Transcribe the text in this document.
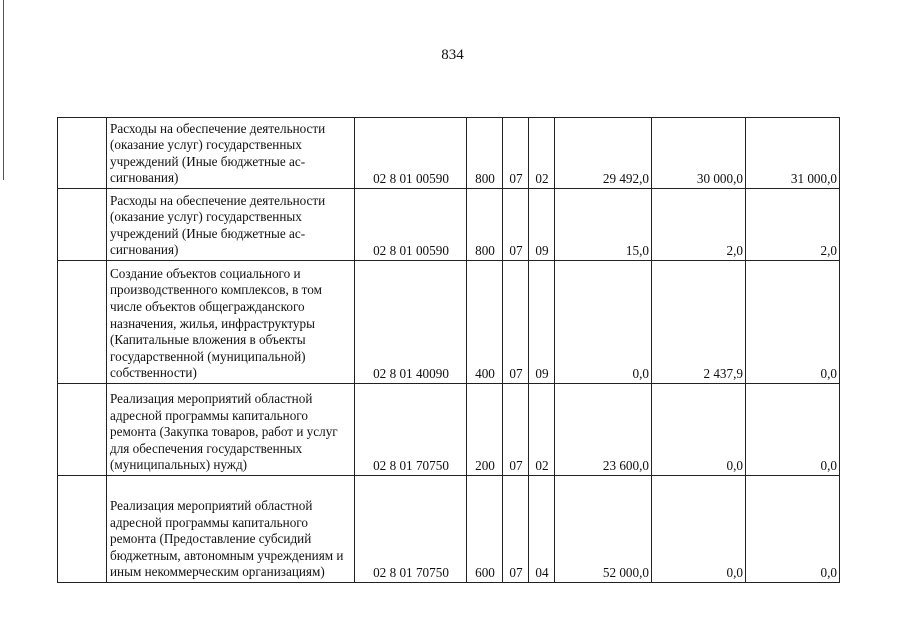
834
	Расходы на обеспечение деятельности (оказание услуг) государственных учреждений (Иные бюджетные ассигнования)	02 8 01 00590	800	07	02	29 492,0	30 000,0	31 000,0
	Расходы на обеспечение деятельности (оказание услуг) государственных учреждений (Иные бюджетные ассигнования)	02 8 01 00590	800	07	09	15,0	2,0	2,0
	Создание объектов социального и производственного комплексов, в том числе объектов общегражданского назначения, жилья, инфраструктуры (Капитальные вложения в объекты государственной (муниципальной) собственности)	02 8 01 40090	400	07	09	0,0	2 437,9	0,0
	Реализация мероприятий областной адресной программы капитального ремонта (Закупка товаров, работ и услуг для обеспечения государственных (муниципальных) нужд)	02 8 01 70750	200	07	02	23 600,0	0,0	0,0
	Реализация мероприятий областной адресной программы капитального ремонта (Предоставление субсидий бюджетным, автономным учреждениям и иным некоммерческим организациям)	02 8 01 70750	600	07	04	52 000,0	0,0	0,0
